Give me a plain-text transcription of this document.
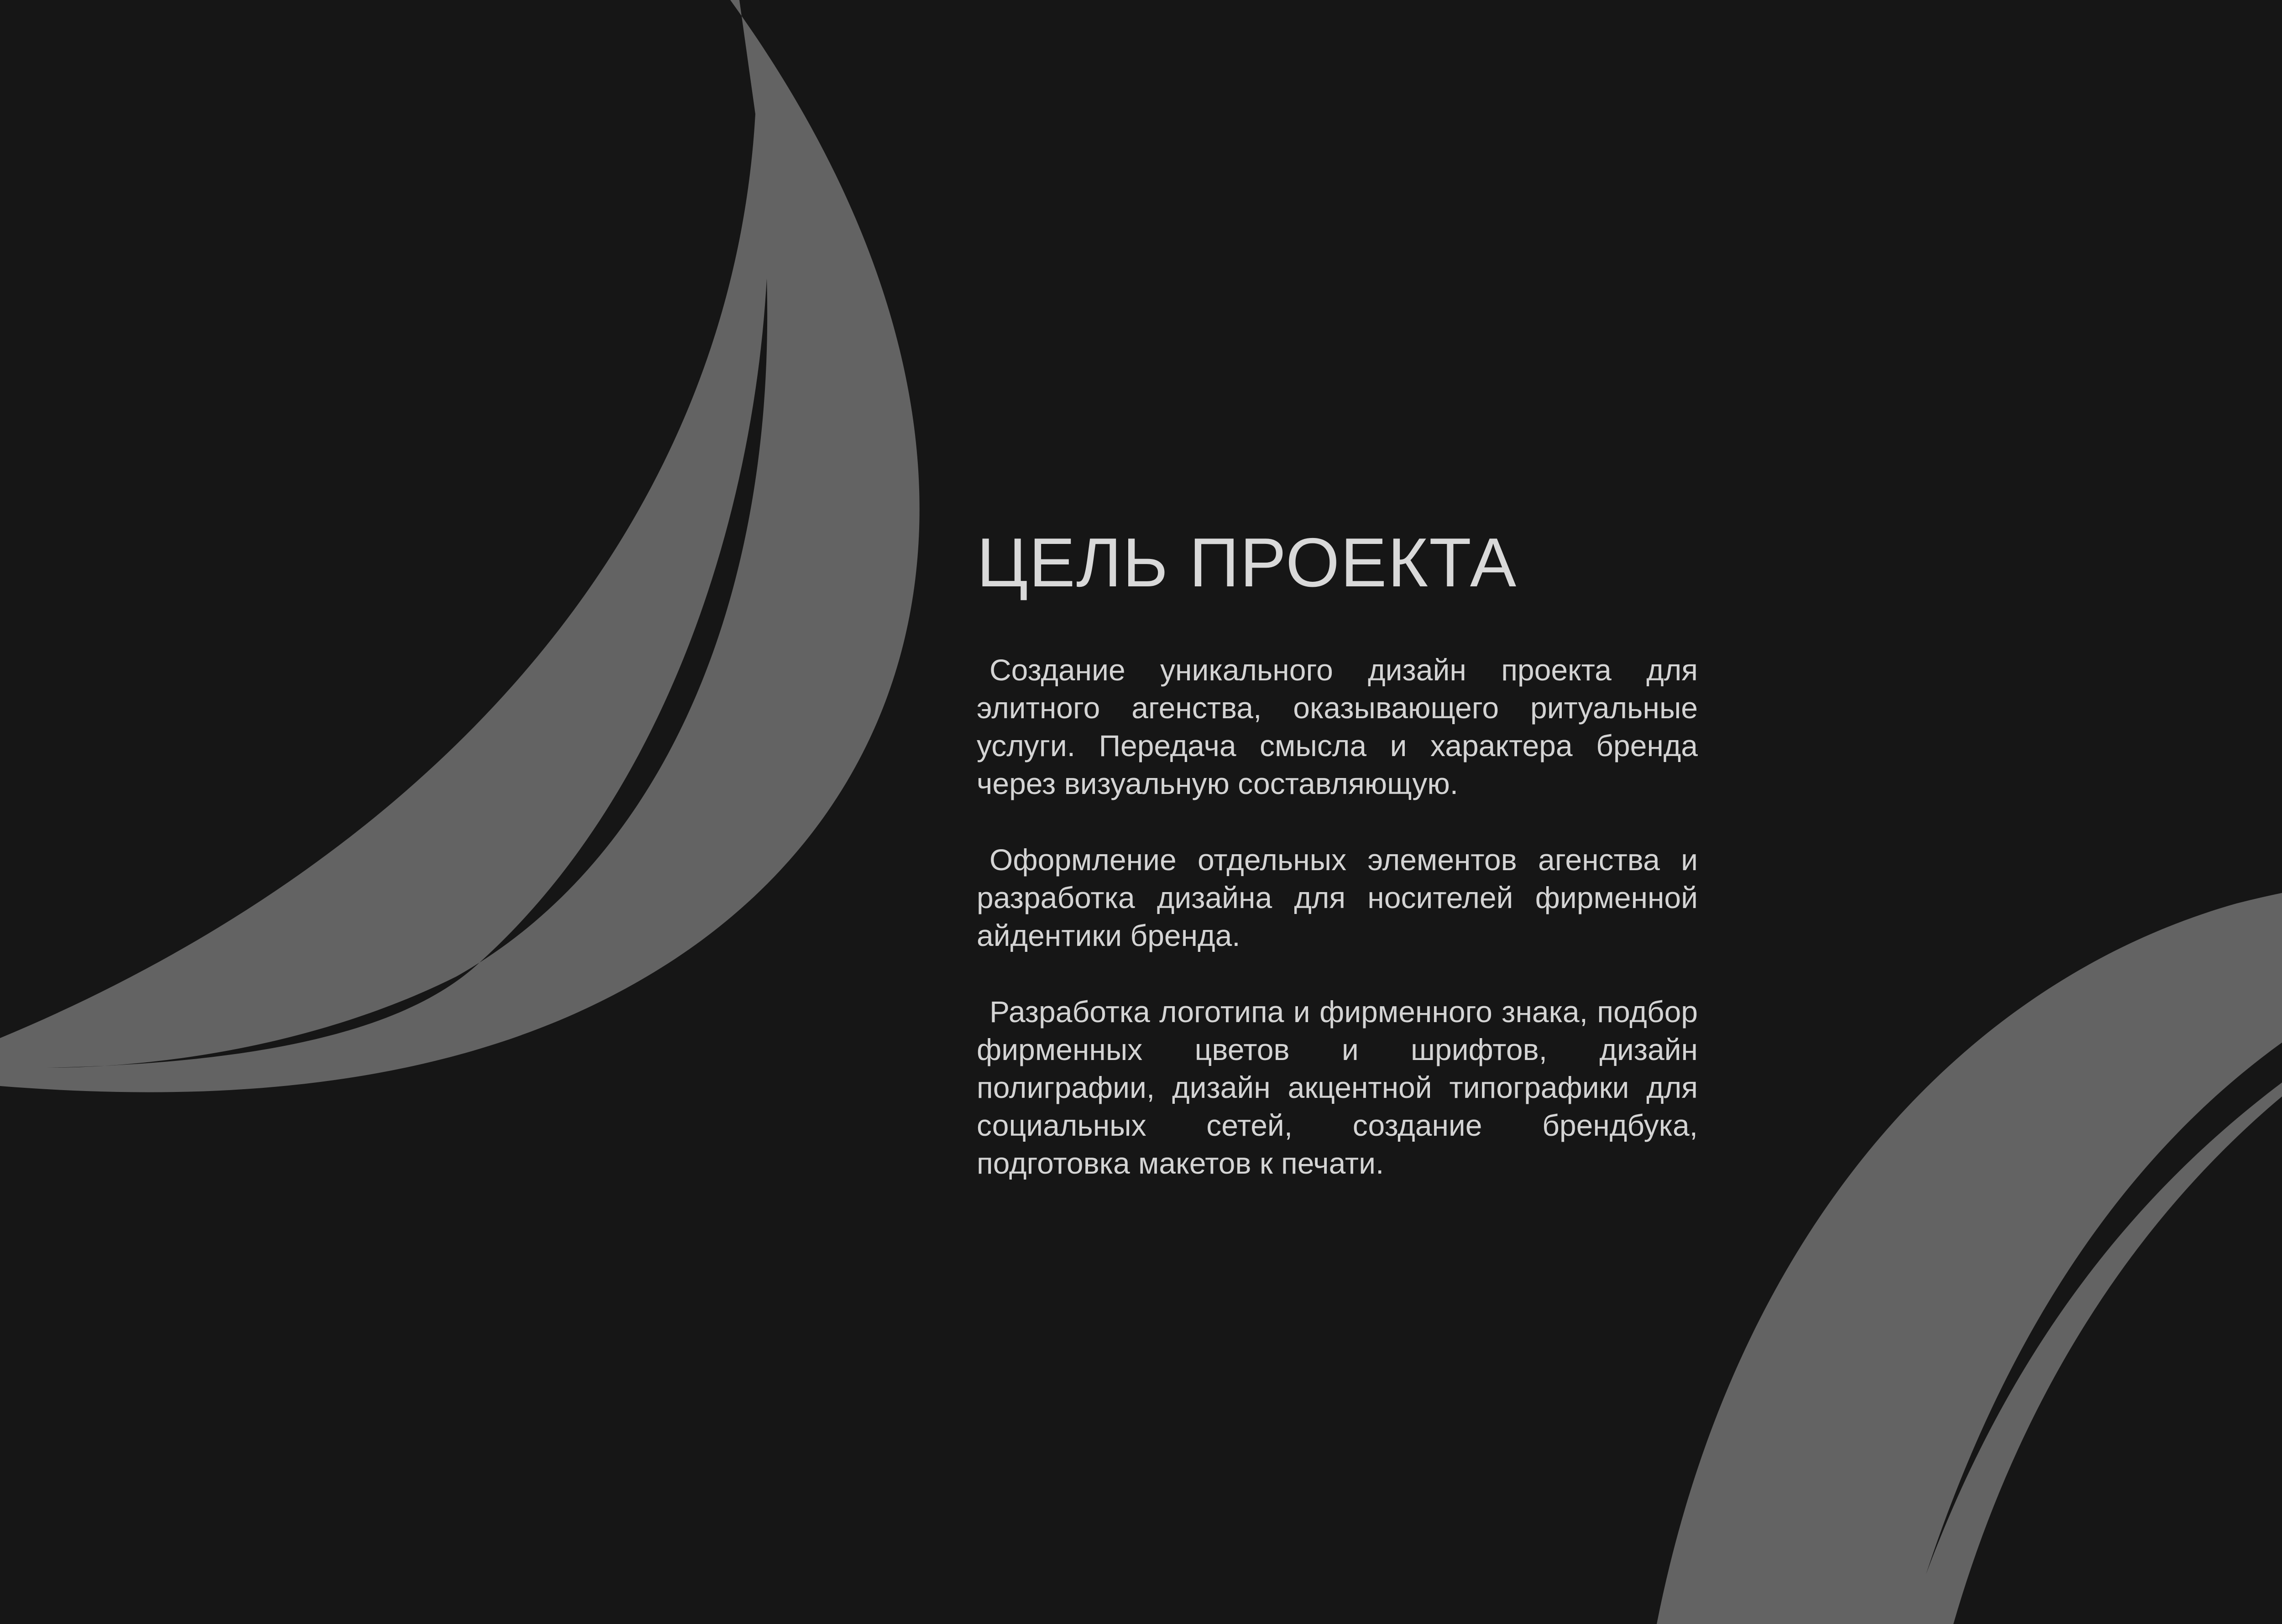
ЦЕЛЬ ПРОЕКТА

Создание уникального дизайн проекта для элитного агенства, оказывающего ритуальные услуги. Передача смысла и характера бренда через визуальную составляющую.

Оформление отдельных элементов агенства и разработка дизайна для носителей фирменной айдентики бренда.

Разработка логотипа и фирменного знака, подбор фирменных цветов и шрифтов, дизайн полиграфии, дизайн акцентной типографики для социальных сетей, создание брендбука, подготовка макетов к печати.
